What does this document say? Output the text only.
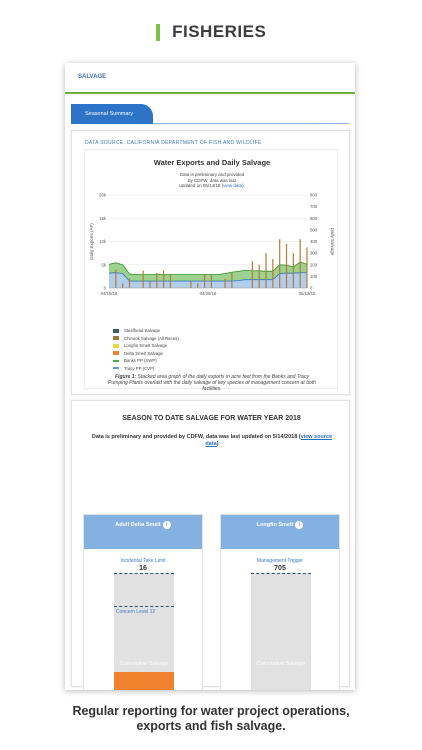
FISHERIES
SALVAGE
Seasonal Summary
DATA SOURCE: CALIFORNIA DEPARTMENT OF FISH AND WILDLIFE
0
5k
10k
15k
20k
0
100
200
300
400
500
600
700
800
04/15/18	04/29/18	05/13/18
Daily Exports (AF)	Daily Salvage
Water Exports and Daily Salvage
Data is preliminary and provided
by CDFW, data was last
updated on 05/14/18 (view data).
Steelhead Salvage
Chinook Salvage (All Races)
Longfin Smelt Salvage
Delta Smelt Salvage
Banks PP (SWP)
Tracy PP (CVP)
Figure 1: Stacked area graph of the daily exports in acre feet from the Banks and Tracy Pumping Plants overlaid with the daily salvage of key species of management concern at both facilities.
SEASON TO DATE SALVAGE FOR WATER YEAR 2018
Data is preliminary and provided by CDFW, data was last updated on 5/14/2018 (view source data)
Adult Delta Smelt i
Incidental Take Limit
16
Concern Level 12
Cumulative Salvage
Longfin Smelt i
Management Trigger
705
Cumulative Salvage
Regular reporting for water project operations,
exports and fish salvage.
